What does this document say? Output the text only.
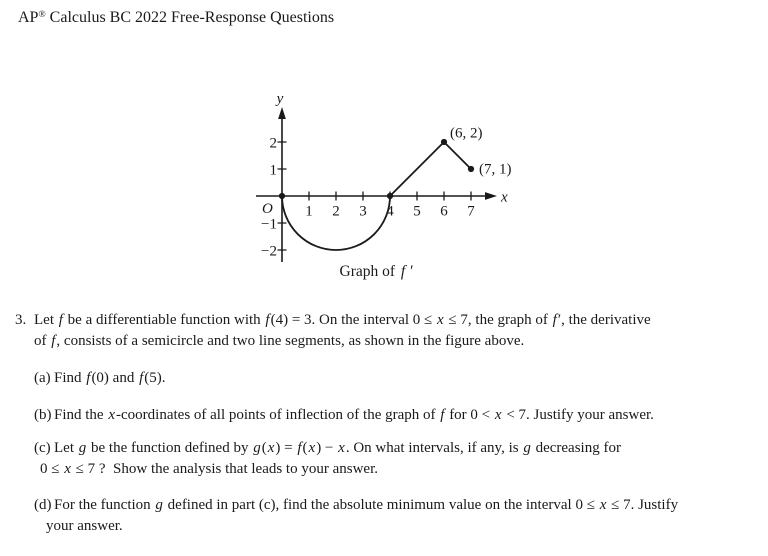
AP® Calculus BC 2022 Free-Response Questions
y
x
O 1 2 3 4 5 6 7
2
1
−1
−2
(6, 2)
(7, 1)
Graph of f ′
3. Let f be a differentiable function with f(4) = 3. On the interval 0 ≤ x ≤ 7, the graph of f′, the derivative
of f, consists of a semicircle and two line segments, as shown in the figure above.
(a) Find f(0) and f(5).
(b) Find the x-coordinates of all points of inflection of the graph of f for 0 < x < 7. Justify your answer.
(c) Let g be the function defined by g(x) = f(x) − x. On what intervals, if any, is g decreasing for
0 ≤ x ≤ 7 ?  Show the analysis that leads to your answer.
(d) For the function g defined in part (c), find the absolute minimum value on the interval 0 ≤ x ≤ 7. Justify
your answer.
